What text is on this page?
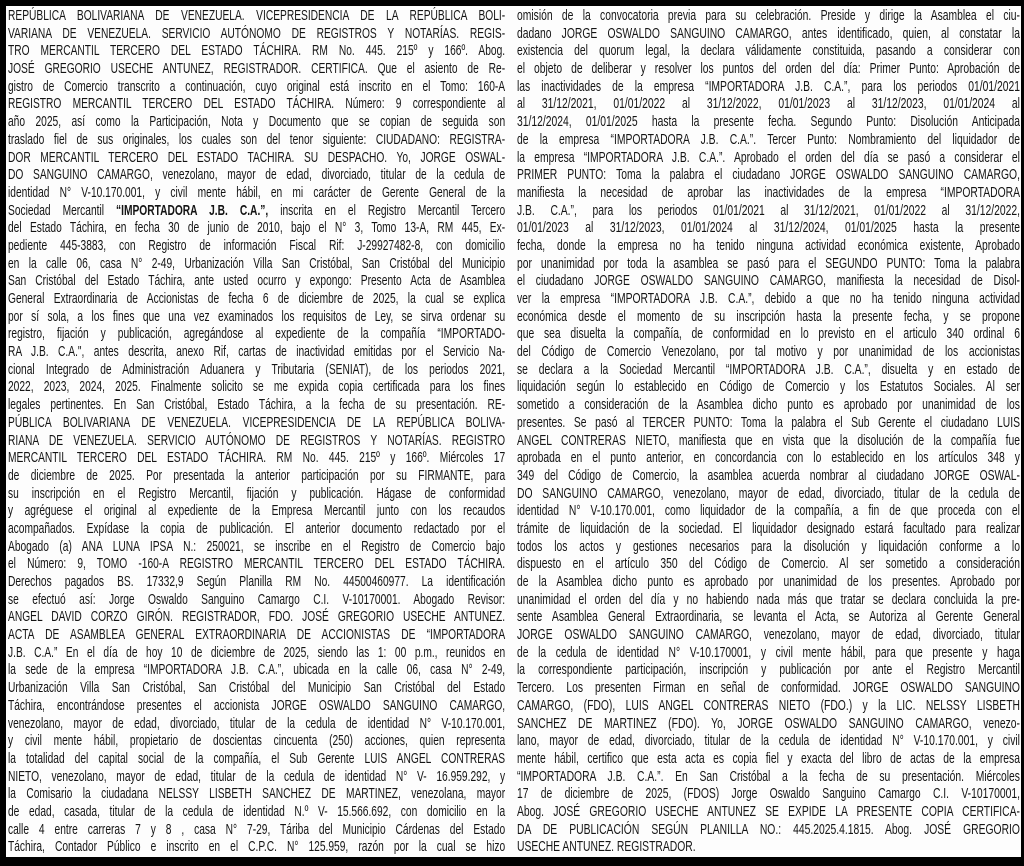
REPÚBLICA BOLIVARIANA DE VENEZUELA. VICEPRESIDENCIA DE LA REPÚBLICA BOLI-
VARIANA DE VENEZUELA. SERVICIO AUTÓNOMO DE REGISTROS Y NOTARÍAS. REGIS-
TRO MERCANTIL TERCERO DEL ESTADO TÁCHIRA. RM No. 445. 215º y 166º. Abog.
JOSÉ GREGORIO USECHE ANTUNEZ, REGISTRADOR. CERTIFICA. Que el asiento de Re-
gistro de Comercio transcrito a continuación, cuyo original está inscrito en el Tomo: 160-A
REGISTRO MERCANTIL TERCERO DEL ESTADO TÁCHIRA. Número: 9 correspondiente al
año 2025, así como la Participación, Nota y Documento que se copian de seguida son
traslado fiel de sus originales, los cuales son del tenor siguiente: CIUDADANO: REGISTRA-
DOR MERCANTIL TERCERO DEL ESTADO TACHIRA. SU DESPACHO. Yo, JORGE OSWAL-
DO SANGUINO CAMARGO, venezolano, mayor de edad, divorciado, titular de la cedula de
identidad N° V-10.170.001, y civil mente hábil, en mi carácter de Gerente General de la
Sociedad Mercantil “IMPORTADORA J.B. C.A.”, inscrita en el Registro Mercantil Tercero
del Estado Táchira, en fecha 30 de junio de 2010, bajo el N° 3, Tomo 13-A, RM 445, Ex-
pediente 445-3883, con Registro de información Fiscal Rif: J-29927482-8, con domicilio
en la calle 06, casa N° 2-49, Urbanización Villa San Cristóbal, San Cristóbal del Municipio
San Cristóbal del Estado Táchira, ante usted ocurro y expongo: Presento Acta de Asamblea
General Extraordinaria de Accionistas de fecha 6 de diciembre de 2025, la cual se explica
por sí sola, a los fines que una vez examinados los requisitos de Ley, se sirva ordenar su
registro, fijación y publicación, agregándose al expediente de la compañía “IMPORTADO-
RA J.B. C.A.", antes descrita, anexo Rif, cartas de inactividad emitidas por el Servicio Na-
cional Integrado de Administración Aduanera y Tributaria (SENIAT), de los periodos 2021,
2022, 2023, 2024, 2025. Finalmente solicito se me expida copia certificada para los fines
legales pertinentes. En San Cristóbal, Estado Táchira, a la fecha de su presentación. RE-
PÚBLICA BOLIVARIANA DE VENEZUELA. VICEPRESIDENCIA DE LA REPÚBLICA BOLIVA-
RIANA DE VENEZUELA. SERVICIO AUTÓNOMO DE REGISTROS Y NOTARÍAS. REGISTRO
MERCANTIL TERCERO DEL ESTADO TÁCHIRA. RM No. 445. 215º y 166º. Miércoles 17
de diciembre de 2025. Por presentada la anterior participación por su FIRMANTE, para
su inscripción en el Registro Mercantil, fijación y publicación. Hágase de conformidad
y agréguese el original al expediente de la Empresa Mercantil junto con los recaudos
acompañados. Expídase la copia de publicación. El anterior documento redactado por el
Abogado (a) ANA LUNA IPSA N.: 250021, se inscribe en el Registro de Comercio bajo
el Número: 9, TOMO -160-A REGISTRO MERCANTIL TERCERO DEL ESTADO TÁCHIRA.
Derechos pagados BS. 17332,9 Según Planilla RM No. 44500460977. La identificación
se efectuó así: Jorge Oswaldo Sanguino Camargo C.I. V-10170001. Abogado Revisor:
ANGEL DAVID CORZO GIRÓN. REGISTRADOR, FDO. JOSÉ GREGORIO USECHE ANTUNEZ.
ACTA DE ASAMBLEA GENERAL EXTRAORDINARIA DE ACCIONISTAS DE “IMPORTADORA
J.B. C.A.” En el día de hoy 10 de diciembre de 2025, siendo las 1: 00 p.m., reunidos en
la sede de la empresa “IMPORTADORA J.B. C.A.”, ubicada en la calle 06, casa N° 2-49,
Urbanización Villa San Cristóbal, San Cristóbal del Municipio San Cristóbal del Estado
Táchira, encontrándose presentes el accionista JORGE OSWALDO SANGUINO CAMARGO,
venezolano, mayor de edad, divorciado, titular de la cedula de identidad N° V-10.170.001,
y civil mente hábil, propietario de doscientas cincuenta (250) acciones, quien representa
la totalidad del capital social de la compañía, el Sub Gerente LUIS ANGEL CONTRERAS
NIETO, venezolano, mayor de edad, titular de la cedula de identidad N° V- 16.959.292, y
la Comisario la ciudadana NELSSY LISBETH SANCHEZ DE MARTINEZ, venezolana, mayor
de edad, casada, titular de la cedula de identidad N.º V- 15.566.692, con domicilio en la
calle 4 entre carreras 7 y 8 , casa N° 7-29, Táriba del Municipio Cárdenas del Estado
Táchira, Contador Público e inscrito en el C.P.C. N° 125.959, razón por la cual se hizo
omisión de la convocatoria previa para su celebración. Preside y dirige la Asamblea el ciu-
dadano JORGE OSWALDO SANGUINO CAMARGO, antes identificado, quien, al constatar la
existencia del quorum legal, la declara válidamente constituida, pasando a considerar con
el objeto de deliberar y resolver los puntos del orden del día: Primer Punto: Aprobación de
las inactividades de la empresa “IMPORTADORA J.B. C.A.”, para los periodos 01/01/2021
al 31/12/2021, 01/01/2022 al 31/12/2022, 01/01/2023 al 31/12/2023, 01/01/2024 al
31/12/2024, 01/01/2025 hasta la presente fecha. Segundo Punto: Disolución Anticipada
de la empresa “IMPORTADORA J.B. C.A.”. Tercer Punto: Nombramiento del liquidador de
la empresa “IMPORTADORA J.B. C.A.”. Aprobado el orden del día se pasó a considerar el
PRIMER PUNTO: Toma la palabra el ciudadano JORGE OSWALDO SANGUINO CAMARGO,
manifiesta la necesidad de aprobar las inactividades de la empresa “IMPORTADORA
J.B. C.A.”, para los periodos 01/01/2021 al 31/12/2021, 01/01/2022 al 31/12/2022,
01/01/2023 al 31/12/2023, 01/01/2024 al 31/12/2024, 01/01/2025 hasta la presente
fecha, donde la empresa no ha tenido ninguna actividad económica existente, Aprobado
por unanimidad por toda la asamblea se pasó para el SEGUNDO PUNTO: Toma la palabra
el ciudadano JORGE OSWALDO SANGUINO CAMARGO, manifiesta la necesidad de Disol-
ver la empresa “IMPORTADORA J.B. C.A.”, debido a que no ha tenido ninguna actividad
económica desde el momento de su inscripción hasta la presente fecha, y se propone
que sea disuelta la compañía, de conformidad en lo previsto en el articulo 340 ordinal 6
del Código de Comercio Venezolano, por tal motivo y por unanimidad de los accionistas
se declara a la Sociedad Mercantil “IMPORTADORA J.B. C.A.”, disuelta y en estado de
liquidación según lo establecido en Código de Comercio y los Estatutos Sociales. Al ser
sometido a consideración de la Asamblea dicho punto es aprobado por unanimidad de los
presentes. Se pasó al TERCER PUNTO: Toma la palabra el Sub Gerente el ciudadano LUIS
ANGEL CONTRERAS NIETO, manifiesta que en vista que la disolución de la compañía fue
aprobada en el punto anterior, en concordancia con lo establecido en los artículos 348 y
349 del Código de Comercio, la asamblea acuerda nombrar al ciudadano JORGE OSWAL-
DO SANGUINO CAMARGO, venezolano, mayor de edad, divorciado, titular de la cedula de
identidad N° V-10.170.001, como liquidador de la compañía, a fin de que proceda con el
trámite de liquidación de la sociedad. El liquidador designado estará facultado para realizar
todos los actos y gestiones necesarios para la disolución y liquidación conforme a lo
dispuesto en el artículo 350 del Código de Comercio. Al ser sometido a consideración
de la Asamblea dicho punto es aprobado por unanimidad de los presentes. Aprobado por
unanimidad el orden del día y no habiendo nada más que tratar se declara concluida la pre-
sente Asamblea General Extraordinaria, se levanta el Acta, se Autoriza al Gerente General
JORGE OSWALDO SANGUINO CAMARGO, venezolano, mayor de edad, divorciado, titular
de la cedula de identidad N° V-10.170001, y civil mente hábil, para que presente y haga
la correspondiente participación, inscripción y publicación por ante el Registro Mercantil
Tercero. Los presenten Firman en señal de conformidad. JORGE OSWALDO SANGUINO
CAMARGO, (FDO), LUIS ANGEL CONTRERAS NIETO (FDO.) y la LIC. NELSSY LISBETH
SANCHEZ DE MARTINEZ (FDO). Yo, JORGE OSWALDO SANGUINO CAMARGO, venezo-
lano, mayor de edad, divorciado, titular de la cedula de identidad N° V-10.170.001, y civil
mente hábil, certifico que esta acta es copia fiel y exacta del libro de actas de la empresa
“IMPORTADORA J.B. C.A.”. En San Cristóbal a la fecha de su presentación. Miércoles
17 de diciembre de 2025, (FDOS) Jorge Oswaldo Sanguino Camargo C.I. V-10170001,
Abog. JOSÉ GREGORIO USECHE ANTUNEZ SE EXPIDE LA PRESENTE COPIA CERTIFICA-
DA DE PUBLICACIÓN SEGÚN PLANILLA NO.: 445.2025.4.1815. Abog. JOSÉ GREGORIO
USECHE ANTUNEZ. REGISTRADOR.
